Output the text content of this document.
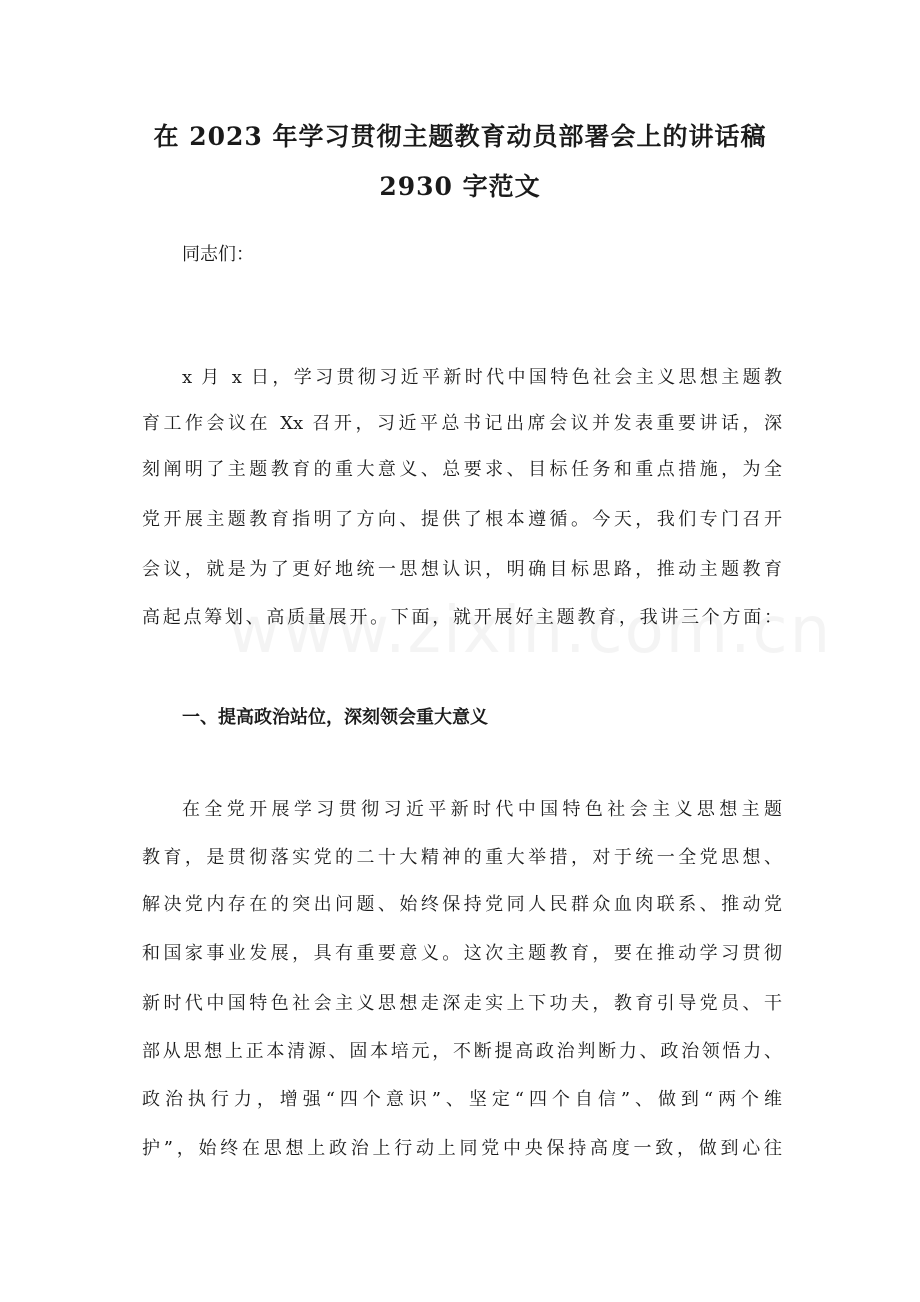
在 2023 年学习贯彻主题教育动员部署会上的讲话稿
2930 字范文
同志们：
x 月 x 日，学习贯彻习近平新时代中国特色社会主义思想主题教
育工作会议在 Xx 召开，习近平总书记出席会议并发表重要讲话，深
刻阐明了主题教育的重大意义、总要求、目标任务和重点措施，为全
党开展主题教育指明了方向、提供了根本遵循。今天，我们专门召开
会议，就是为了更好地统一思想认识，明确目标思路，推动主题教育
高起点筹划、高质量展开。下面，就开展好主题教育，我讲三个方面：
一、提高政治站位，深刻领会重大意义
在全党开展学习贯彻习近平新时代中国特色社会主义思想主题
教育，是贯彻落实党的二十大精神的重大举措，对于统一全党思想、
解决党内存在的突出问题、始终保持党同人民群众血肉联系、推动党
和国家事业发展，具有重要意义。这次主题教育，要在推动学习贯彻
新时代中国特色社会主义思想走深走实上下功夫，教育引导党员、干
部从思想上正本清源、固本培元，不断提高政治判断力、政治领悟力、
政治执行力，增强“四个意识”、坚定“四个自信”、做到“两个维
护”，始终在思想上政治上行动上同党中央保持高度一致，做到心往
